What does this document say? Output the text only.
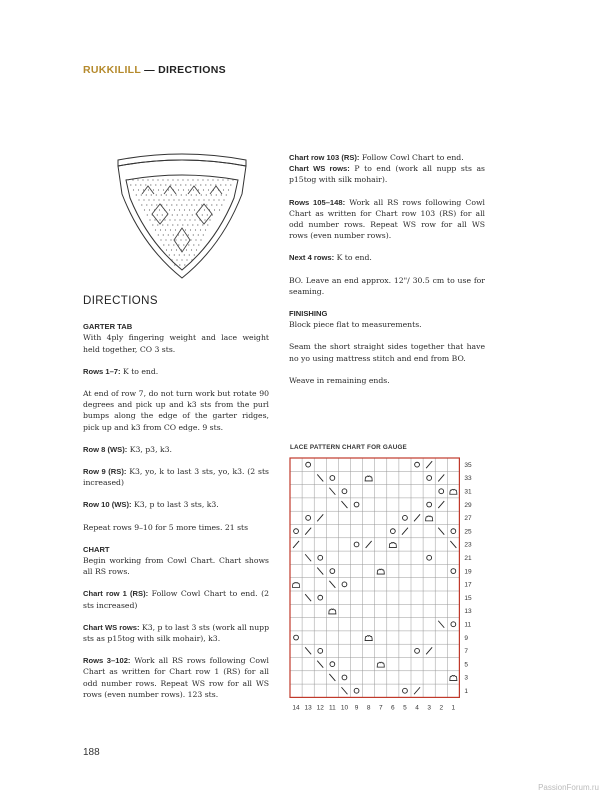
RUKKILILL — DIRECTIONS
DIRECTIONS
GARTER TAB

With 4ply fingering weight and lace weight held together, CO 3 sts.

Rows 1–7: K to end.

At end of row 7, do not turn work but rotate 90 degrees and pick up and k3 sts from the purl bumps along the edge of the garter ridges, pick up and k3 from CO edge. 9 sts.

Row 8 (WS): K3, p3, k3.

Row 9 (RS): K3, yo, k to last 3 sts, yo, k3. (2 sts increased)

Row 10 (WS): K3, p to last 3 sts, k3.

Repeat rows 9–10 for 5 more times. 21 sts

CHART

Begin working from Cowl Chart. Chart shows all RS rows.

Chart row 1 (RS): Follow Cowl Chart to end. (2 sts increased)

Chart WS rows: K3, p to last 3 sts (work all nupp sts as p15tog with silk mohair), k3.

Rows 3–102: Work all RS rows following Cowl Chart as written for Chart row 1 (RS) for all odd number rows. Repeat WS row for all WS rows (even number rows). 123 sts.

Chart row 103 (RS): Follow Cowl Chart to end.
Chart WS rows: P to end (work all nupp sts as p15tog with silk mohair).

Rows 105–148: Work all RS rows following Cowl Chart as written for Chart row 103 (RS) for all odd number rows. Repeat WS row for all WS rows (even number rows).

Next 4 rows: K to end.

BO. Leave an end approx. 12"/ 30.5 cm to use for seaming.

FINISHING

Block piece flat to measurements.

Seam the short straight sides together that have no yo using mattress stitch and end from BO.

Weave in remaining ends.

LACE PATTERN CHART FOR GAUGE
35
33
31
29
27
25
23
21
19
17
15
13
11
9
7
5
3
1
14 13 12 11 10 9 8 7 6 5 4 3 2 1
188
PassionForum.ru
